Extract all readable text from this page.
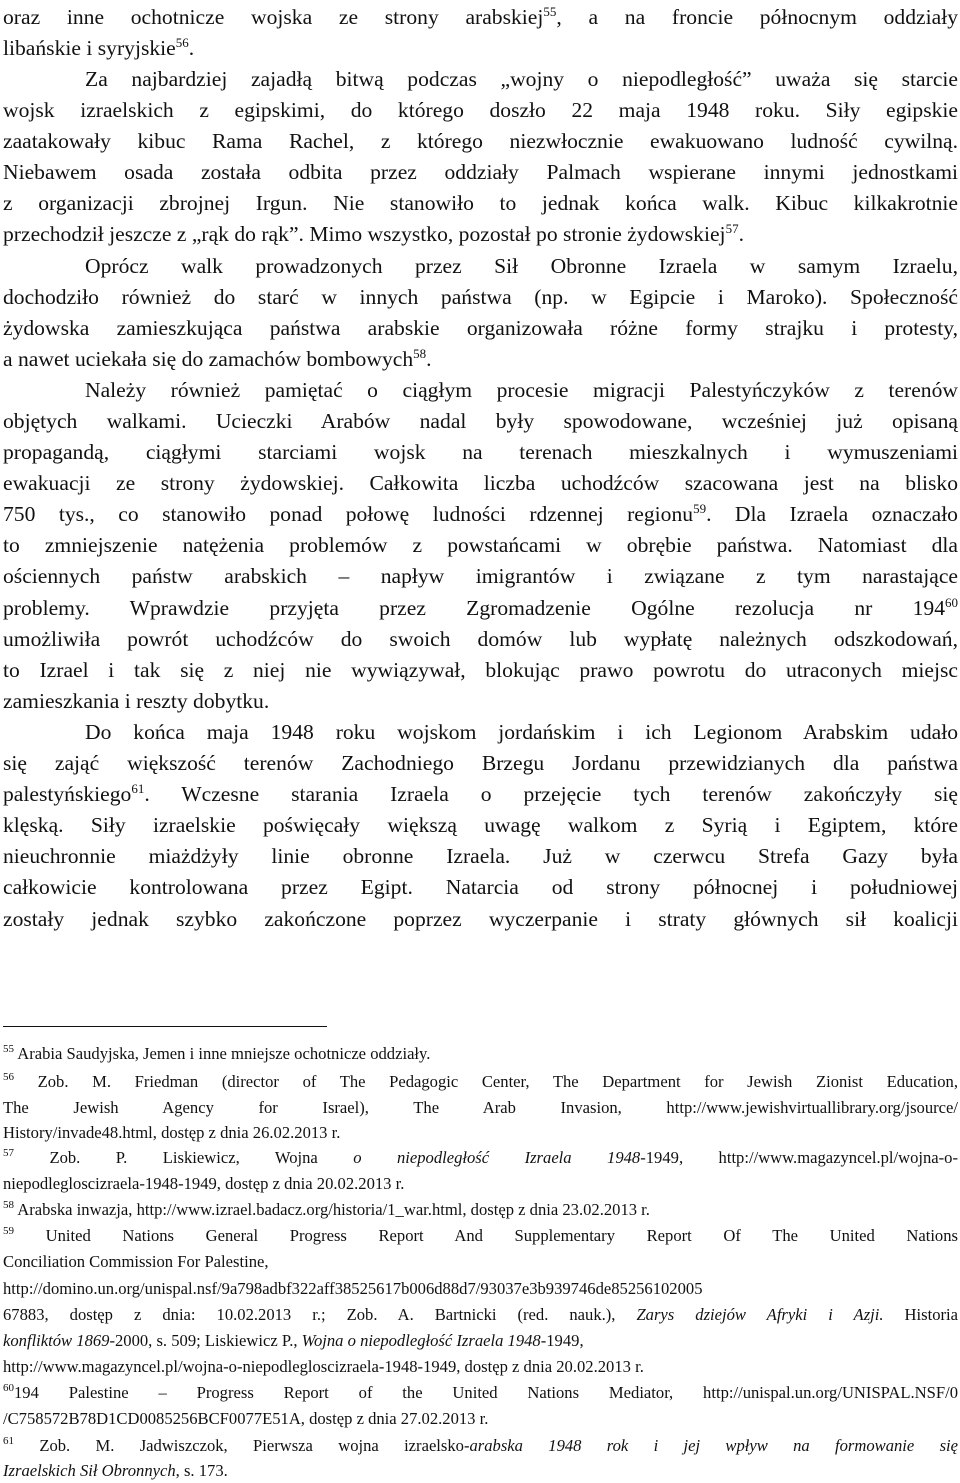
oraz inne ochotnicze wojska ze strony arabskiej$^{55}$, a na froncie północnym oddziały
libańskie i syryjskie$^{56}$.
Za najbardziej zajadłą bitwą podczas „wojny o niepodległość” uważa się starcie
wojsk izraelskich z egipskimi, do którego doszło 22 maja 1948 roku. Siły egipskie
zaatakowały kibuc Rama Rachel, z którego niezwłocznie ewakuowano ludność cywilną.
Niebawem osada została odbita przez oddziały Palmach wspierane innymi jednostkami
z organizacji zbrojnej Irgun. Nie stanowiło to jednak końca walk. Kibuc kilkakrotnie
przechodził jeszcze z „rąk do rąk”. Mimo wszystko, pozostał po stronie żydowskiej$^{57}$.
Oprócz walk prowadzonych przez Sił Obronne Izraela w samym Izraelu,
dochodziło również do starć w innych państwa (np. w Egipcie i Maroko). Społeczność
żydowska zamieszkująca państwa arabskie organizowała różne formy strajku i protesty,
a nawet uciekała się do zamachów bombowych$^{58}$.
Należy również pamiętać o ciągłym procesie migracji Palestyńczyków z terenów
objętych walkami. Ucieczki Arabów nadal były spowodowane, wcześniej już opisaną
propagandą, ciągłymi starciami wojsk na terenach mieszkalnych i wymuszeniami
ewakuacji ze strony żydowskiej. Całkowita liczba uchodźców szacowana jest na blisko
750 tys., co stanowiło ponad połowę ludności rdzennej regionu$^{59}$. Dla Izraela oznaczało
to zmniejszenie natężenia problemów z powstańcami w obrębie państwa. Natomiast dla
ościennych państw arabskich – napływ imigrantów i związane z tym narastające
problemy. Wprawdzie przyjęta przez Zgromadzenie Ogólne rezolucja nr $194^{60}$
umożliwiła powrót uchodźców do swoich domów lub wypłatę należnych odszkodowań,
to Izrael i tak się z niej nie wywiązywał, blokując prawo powrotu do utraconych miejsc
zamieszkania i reszty dobytku.
Do końca maja 1948 roku wojskom jordańskim i ich Legionom Arabskim udało
się zająć większość terenów Zachodniego Brzegu Jordanu przewidzianych dla państwa
palestyńskiego$^{61}$. Wczesne starania Izraela o przejęcie tych terenów zakończyły się
klęską. Siły izraelskie poświęcały większą uwagę walkom z Syrią i Egiptem, które
nieuchronnie miażdżyły linie obronne Izraela. Już w czerwcu Strefa Gazy była
całkowicie kontrolowana przez Egipt. Natarcia od strony północnej i południowej
zostały jednak szybko zakończone poprzez wyczerpanie i straty głównych sił koalicji
$^{55}$ Arabia Saudyjska, Jemen i inne mniejsze ochotnicze oddziały.
$^{56}$ Zob. M. Friedman (director of The Pedagogic Center, The Department for Jewish Zionist Education,
The Jewish Agency for Israel), The Arab Invasion, http://www.jewishvirtuallibrary.org/jsource/
History/invade48.html, dostęp z dnia 26.02.2013 r.
$^{57}$ Zob. P. Liskiewicz, Wojna o niepodległość Izraela 1948-1949, http://www.magazyncel.pl/wojna-o-
niepodlegloscizraela-1948-1949, dostęp z dnia 20.02.2013 r.
$^{58}$ Arabska inwazja, http://www.izrael.badacz.org/historia/1_war.html, dostęp z dnia 23.02.2013 r.
$^{59}$ United Nations General Progress Report And Supplementary Report Of The United Nations
Conciliation Commission For Palestine,
http://domino.un.org/unispal.nsf/9a798adbf322aff38525617b006d88d7/93037e3b939746de85256102005
67883, dostęp z dnia: 10.02.2013 r.; Zob. A. Bartnicki (red. nauk.), Zarys dziejów Afryki i Azji. Historia
konfliktów 1869-2000, s. 509; Liskiewicz P., Wojna o niepodległość Izraela 1948-1949,
http://www.magazyncel.pl/wojna-o-niepodlegloscizraela-1948-1949, dostęp z dnia 20.02.2013 r.
$^{60}$194 Palestine – Progress Report of the United Nations Mediator, http://unispal.un.org/UNISPAL.NSF/0
/C758572B78D1CD0085256BCF0077E51A, dostęp z dnia 27.02.2013 r.
$^{61}$ Zob. M. Jadwiszczok, Pierwsza wojna izraelsko-arabska 1948 rok i jej wpływ na formowanie się
Izraelskich Sił Obronnych, s. 173.
